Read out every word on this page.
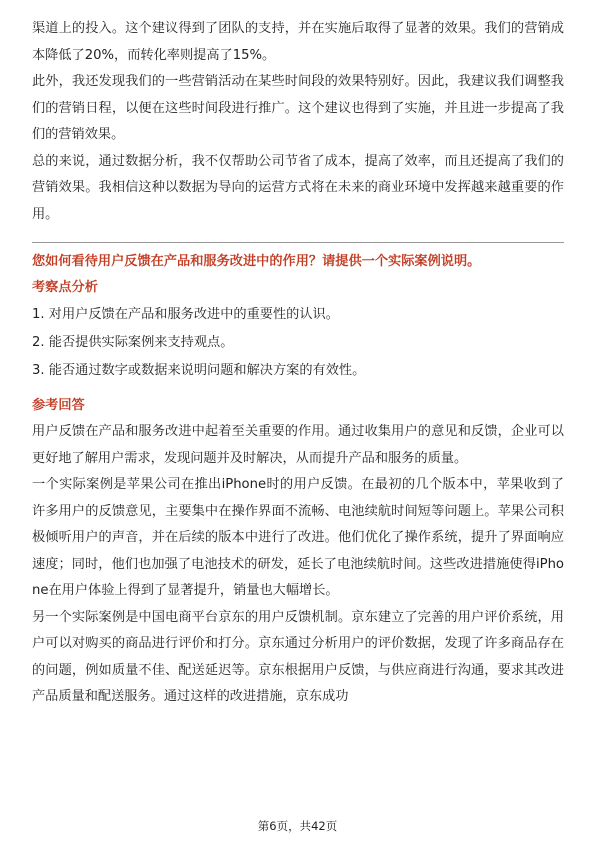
渠道上的投入。这个建议得到了团队的支持，并在实施后取得了显著的效果。我们的营销成本降低了20%，而转化率则提高了15%。

此外，我还发现我们的一些营销活动在某些时间段的效果特别好。因此，我建议我们调整我们的营销日程，以便在这些时间段进行推广。这个建议也得到了实施，并且进一步提高了我们的营销效果。

总的来说，通过数据分析，我不仅帮助公司节省了成本，提高了效率，而且还提高了我们的营销效果。我相信这种以数据为导向的运营方式将在未来的商业环境中发挥越来越重要的作用。

您如何看待用户反馈在产品和服务改进中的作用？请提供一个实际案例说明。

考察点分析

1. 对用户反馈在产品和服务改进中的重要性的认识。

2. 能否提供实际案例来支持观点。

3. 能否通过数字或数据来说明问题和解决方案的有效性。

参考回答

用户反馈在产品和服务改进中起着至关重要的作用。通过收集用户的意见和反馈，企业可以更好地了解用户需求，发现问题并及时解决，从而提升产品和服务的质量。

一个实际案例是苹果公司在推出iPhone时的用户反馈。在最初的几个版本中，苹果收到了许多用户的反馈意见，主要集中在操作界面不流畅、电池续航时间短等问题上。苹果公司积极倾听用户的声音，并在后续的版本中进行了改进。他们优化了操作系统，提升了界面响应速度；同时，他们也加强了电池技术的研发，延长了电池续航时间。这些改进措施使得iPhone在用户体验上得到了显著提升，销量也大幅增长。

另一个实际案例是中国电商平台京东的用户反馈机制。京东建立了完善的用户评价系统，用户可以对购买的商品进行评价和打分。京东通过分析用户的评价数据，发现了许多商品存在的问题，例如质量不佳、配送延迟等。京东根据用户反馈，与供应商进行沟通，要求其改进产品质量和配送服务。通过这样的改进措施，京东成功

第6页，共42页
